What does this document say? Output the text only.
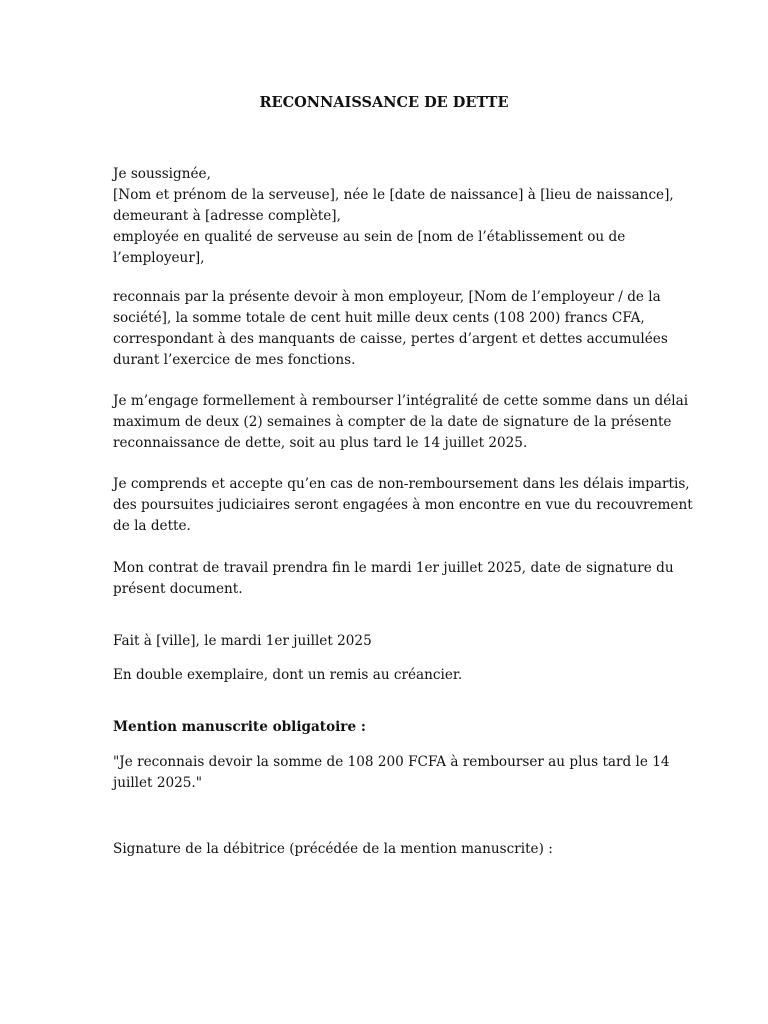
RECONNAISSANCE DE DETTE
Je soussignée,
[Nom et prénom de la serveuse], née le [date de naissance] à [lieu de naissance],
demeurant à [adresse complète],
employée en qualité de serveuse au sein de [nom de l’établissement ou de
l’employeur],
reconnais par la présente devoir à mon employeur, [Nom de l’employeur / de la
société], la somme totale de cent huit mille deux cents (108 200) francs CFA,
correspondant à des manquants de caisse, pertes d’argent et dettes accumulées
durant l’exercice de mes fonctions.
Je m’engage formellement à rembourser l’intégralité de cette somme dans un délai
maximum de deux (2) semaines à compter de la date de signature de la présente
reconnaissance de dette, soit au plus tard le 14 juillet 2025.
Je comprends et accepte qu’en cas de non-remboursement dans les délais impartis,
des poursuites judiciaires seront engagées à mon encontre en vue du recouvrement
de la dette.
Mon contrat de travail prendra fin le mardi 1er juillet 2025, date de signature du
présent document.
Fait à [ville], le mardi 1er juillet 2025
En double exemplaire, dont un remis au créancier.
Mention manuscrite obligatoire :
"Je reconnais devoir la somme de 108 200 FCFA à rembourser au plus tard le 14
juillet 2025."
Signature de la débitrice (précédée de la mention manuscrite) :
